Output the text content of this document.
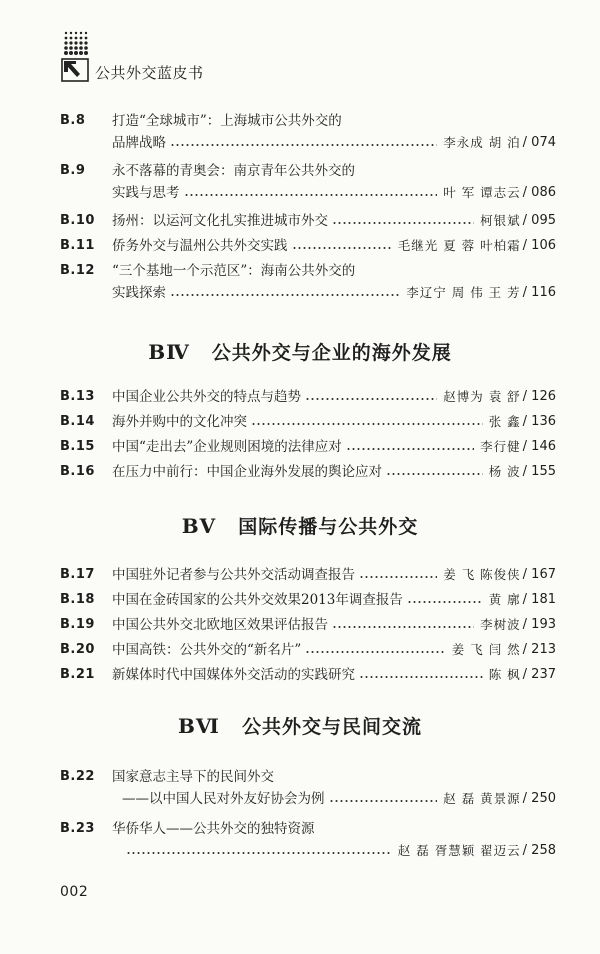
公共外交蓝皮书
B.8	打造“全球城市”：上海城市公共外交的
品牌战略	李永成 胡 泊 / 074
B.9	永不落幕的青奥会：南京青年公共外交的
实践与思考	叶 军 谭志云 / 086
B.10	扬州：以运河文化扎实推进城市外交	柯银斌 / 095
B.11	侨务外交与温州公共外交实践	毛继光 夏 蓉 叶柏霜 / 106
B.12	“三个基地一个示范区”：海南公共外交的
实践探索	李辽宁 周 伟 王 芳 / 116
BⅣ 公共外交与企业的海外发展
B.13	中国企业公共外交的特点与趋势	赵博为 袁 舒 / 126
B.14	海外并购中的文化冲突	张 鑫 / 136
B.15	中国“走出去”企业规则困境的法律应对	李行健 / 146
B.16	在压力中前行：中国企业海外发展的舆论应对	杨 波 / 155
BⅤ 国际传播与公共外交
B.17	中国驻外记者参与公共外交活动调查报告	姜 飞 陈俊侠 / 167
B.18	中国在金砖国家的公共外交效果2013年调查报告	黄 廓 / 181
B.19	中国公共外交北欧地区效果评估报告	李树波 / 193
B.20	中国高铁：公共外交的“新名片”	姜 飞 闫 然 / 213
B.21	新媒体时代中国媒体外交活动的实践研究	陈 枫 / 237
BⅥ 公共外交与民间交流
B.22	国家意志主导下的民间外交
——以中国人民对外友好协会为例	赵 磊 黄景源 / 250
B.23	华侨华人——公共外交的独特资源
赵 磊 胥慧颖 翟迈云 / 258
002
